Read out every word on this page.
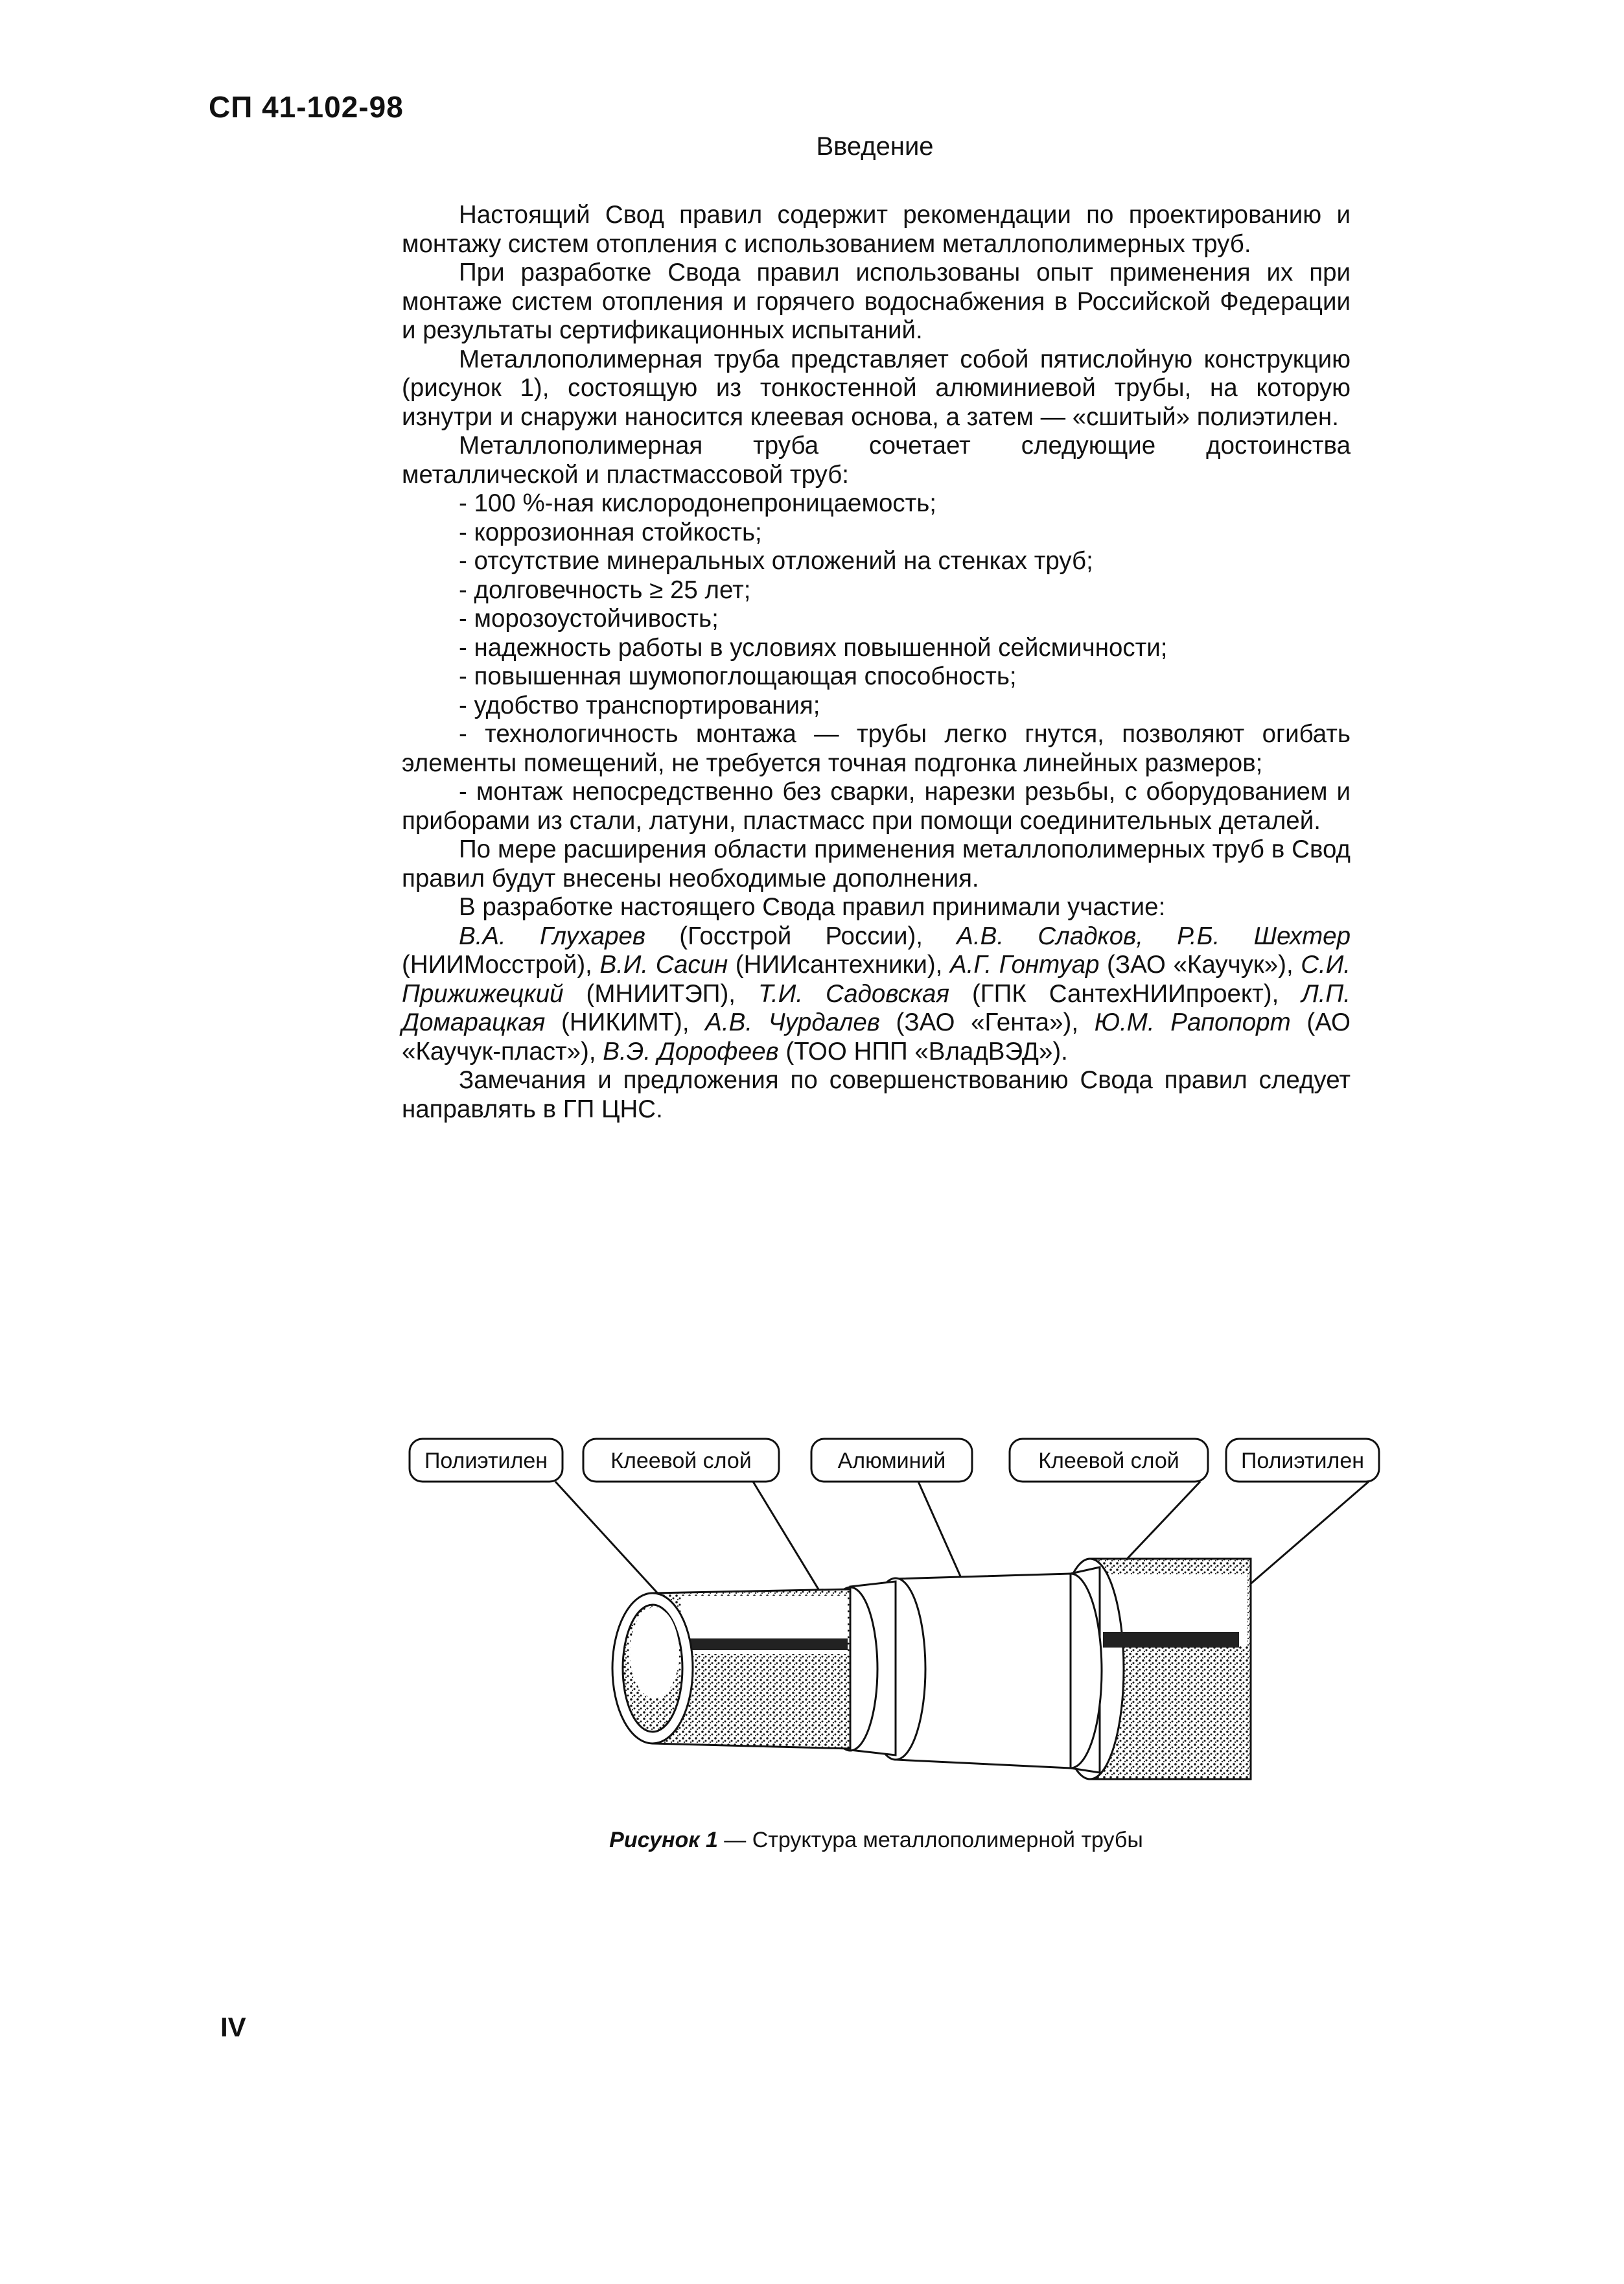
СП 41-102-98
Введение

Настоящий Свод правил содержит рекомендации по проектированию и монтажу систем отопления с использованием металлополимерных труб.

При разработке Свода правил использованы опыт применения их при монтаже систем отопления и горячего водоснабжения в Российской Федерации и результаты сертификационных испытаний.

Металлополимерная труба представляет собой пятислойную конструкцию (рисунок 1), состоящую из тонкостенной алюминиевой трубы, на которую изнутри и снаружи наносится клеевая основа, а затем — «сшитый» полиэтилен.

Металлополимерная труба сочетает следующие достоинства металлической и пластмассовой труб:

- 100 %-ная кислородонепроницаемость;
- коррозионная стойкость;
- отсутствие минеральных отложений на стенках труб;
- долговечность ≥ 25 лет;
- морозоустойчивость;
- надежность работы в условиях повышенной сейсмичности;
- повышенная шумопоглощающая способность;
- удобство транспортирования;
- технологичность монтажа — трубы легко гнутся, позволяют огибать элементы помещений, не требуется точная подгонка линейных размеров;
- монтаж непосредственно без сварки, нарезки резьбы, с оборудованием и приборами из стали, латуни, пластмасс при помощи соединительных деталей.

По мере расширения области применения металлополимерных труб в Свод правил будут внесены необходимые дополнения.

В разработке настоящего Свода правил принимали участие:

В.А. Глухарев (Госстрой России), А.В. Сладков, Р.Б. Шехтер (НИИМосстрой), В.И. Сасин (НИИсантехники), А.Г. Гонтуар (ЗАО «Каучук»), С.И. Прижижецкий (МНИИТЭП), Т.И. Садовская (ГПК СантехНИИпроект), Л.П. Домарацкая (НИКИМТ), А.В. Чурдалев (ЗАО «Гента»), Ю.М. Рапопорт (АО «Каучук-пласт»), В.Э. Дорофеев (ТОО НПП «ВладВЭД»).

Замечания и предложения по совершенствованию Свода правил следует направлять в ГП ЦНС.

Полиэтилен	Клеевой слой	Алюминий	Клеевой слой	Полиэтилен
Рисунок 1 — Структура металлополимерной трубы
IV
